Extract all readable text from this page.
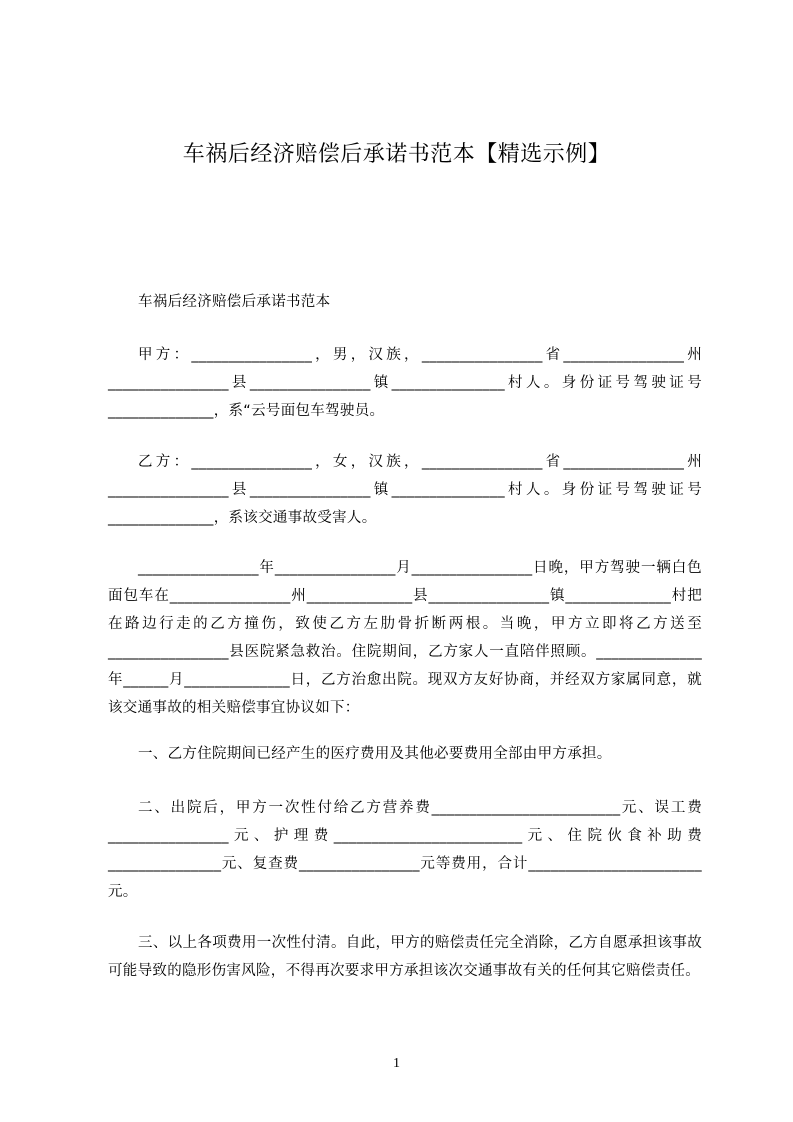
车祸后经济赔偿后承诺书范本【精选示例】
车祸后经济赔偿后承诺书范本
甲方：________________，男，汉族，________________省________________州________________县________________镇_______________村人。身份证号驾驶证号______________，系“云号面包车驾驶员。
乙方：________________，女，汉族，________________省________________州________________县________________镇_______________村人。身份证号驾驶证号______________，系该交通事故受害人。
________________年________________月________________日晚，甲方驾驶一辆白色面包车在________________州______________县________________镇______________村把在路边行走的乙方撞伤，致使乙方左肋骨折断两根。当晚，甲方立即将乙方送至________________县医院紧急救治。住院期间，乙方家人一直陪伴照顾。______________年______月______________日，乙方治愈出院。现双方友好协商，并经双方家属同意，就该交通事故的相关赔偿事宜协议如下：
一、乙方住院期间已经产生的医疗费用及其他必要费用全部由甲方承担。
二、出院后，甲方一次性付给乙方营养费_________________________元、误工费________________元、护理费_________________________元、住院伙食补助费_______________元、复查费________________元等费用，合计_______________________元。
三、以上各项费用一次性付清。自此，甲方的赔偿责任完全消除，乙方自愿承担该事故可能导致的隐形伤害风险，不得再次要求甲方承担该次交通事故有关的任何其它赔偿责任。
1
